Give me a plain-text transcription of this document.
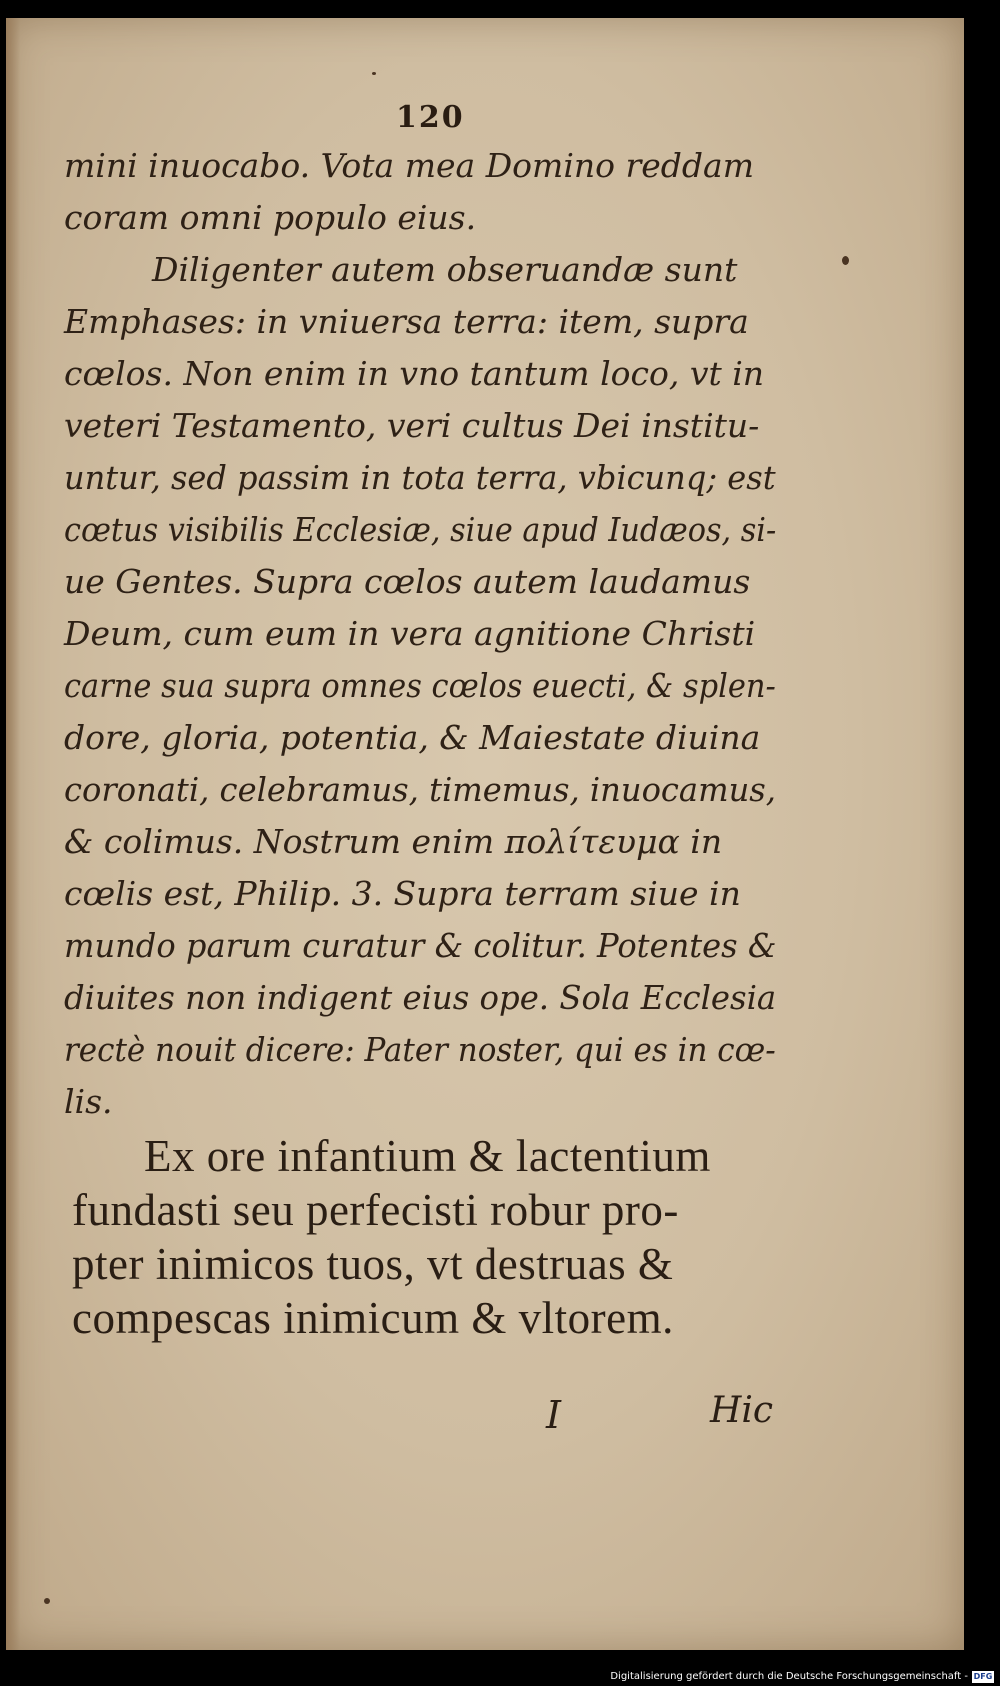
120
mini inuocabo. Vota mea Domino reddam
coram omni populo eius.
Diligenter autem obseruandæ sunt
Emphases: in vniuersa terra: item, supra
cœlos. Non enim in vno tantum loco, vt in
veteri Testamento, veri cultus Dei institu-
untur, sed passim in tota terra, vbicunq; est
cœtus visibilis Ecclesiæ, siue apud Iudæos, si-
ue Gentes. Supra cœlos autem laudamus
Deum, cum eum in vera agnitione Christi
carne sua supra omnes cœlos euecti, & splen-
dore, gloria, potentia, & Maiestate diuina
coronati, celebramus, timemus, inuocamus,
& colimus. Nostrum enim πολίτευμα in
cœlis est, Philip. 3. Supra terram siue in
mundo parum curatur & colitur. Potentes &
diuites non indigent eius ope. Sola Ecclesia
rectè nouit dicere: Pater noster, qui es in cœ-
lis.
Ex ore infantium & lactentium
fundasti seu perfecisti robur pro-
pter inimicos tuos, vt destruas &
compescas inimicum & vltorem.
I	Hic
Digitalisierung gefördert durch die Deutsche Forschungsgemeinschaft - DFG
